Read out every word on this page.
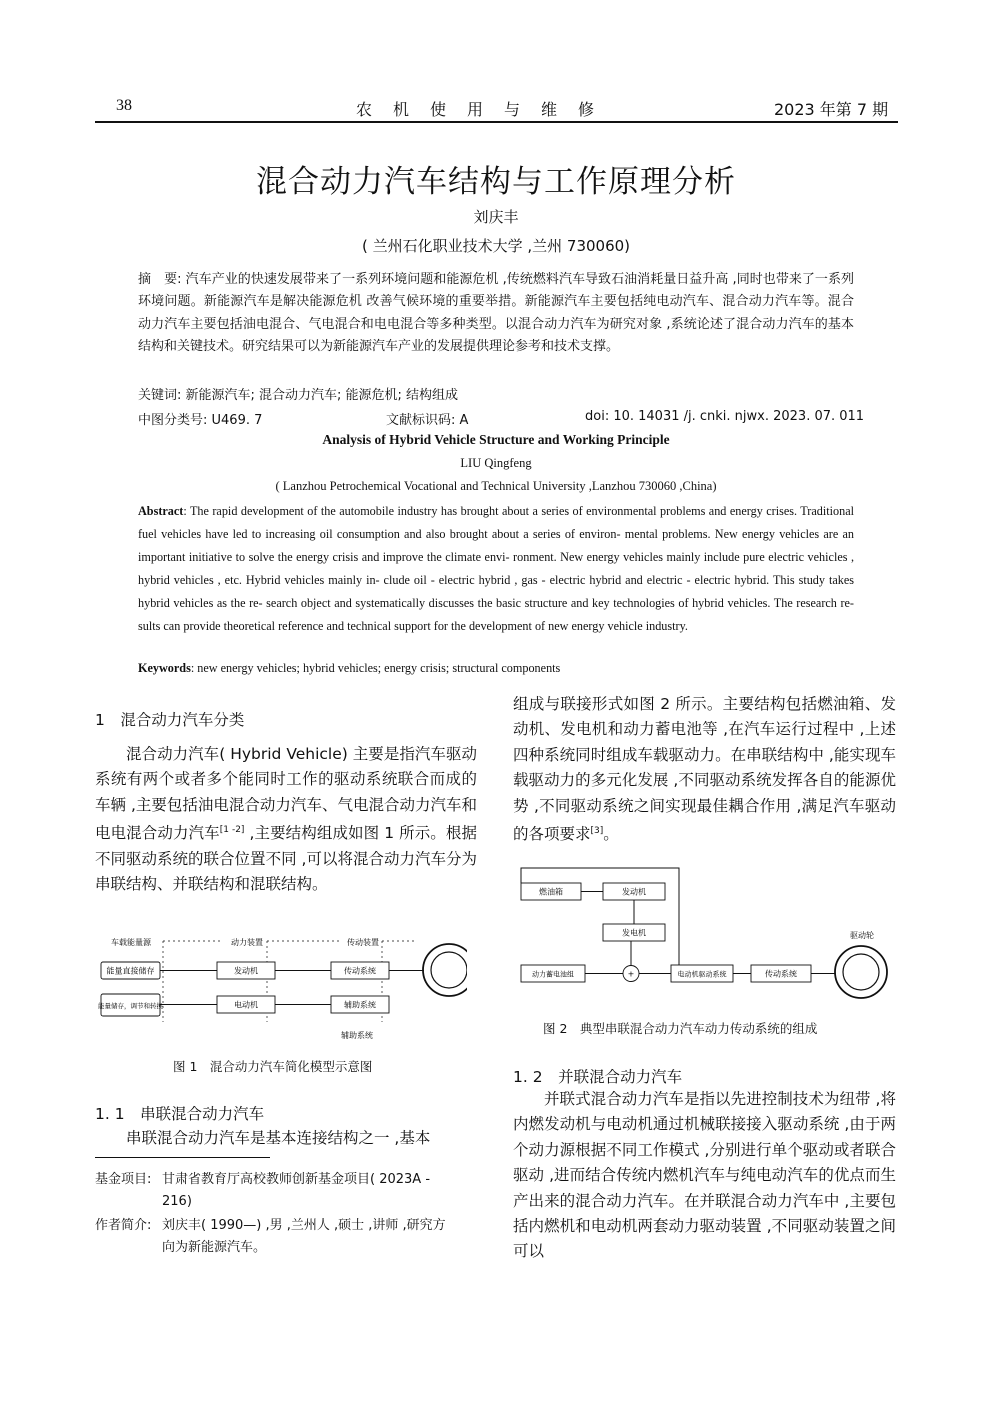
38	农机使用与维修	2023 年第 7 期
混合动力汽车结构与工作原理分析
刘庆丰
( 兰州石化职业技术大学 ,兰州 730060)
摘　要: 汽车产业的快速发展带来了一系列环境问题和能源危机 ,传统燃料汽车导致石油消耗量日益升高 ,同时也带来了一系列环境问题。新能源汽车是解决能源危机 改善气候环境的重要举措。新能源汽车主要包括纯电动汽车、混合动力汽车等。混合动力汽车主要包括油电混合、气电混合和电电混合等多种类型。以混合动力汽车为研究对象 ,系统论述了混合动力汽车的基本结构和关键技术。研究结果可以为新能源汽车产业的发展提供理论参考和技术支撑。
关键词: 新能源汽车; 混合动力汽车; 能源危机; 结构组成
中图分类号: U469. 7	文献标识码: A	doi: 10. 14031 /j. cnki. njwx. 2023. 07. 011
Analysis of Hybrid Vehicle Structure and Working Principle
LIU Qingfeng
( Lanzhou Petrochemical Vocational and Technical University ,Lanzhou 730060 ,China)
Abstract: The rapid development of the automobile industry has brought about a series of environmental problems and energy crises. Traditional fuel vehicles have led to increasing oil consumption and also brought about a series of environ- mental problems. New energy vehicles are an important initiative to solve the energy crisis and improve the climate envi- ronment. New energy vehicles mainly include pure electric vehicles , hybrid vehicles , etc. Hybrid vehicles mainly in- clude oil - electric hybrid , gas - electric hybrid and electric - electric hybrid. This study takes hybrid vehicles as the re- search object and systematically discusses the basic structure and key technologies of hybrid vehicles. The research re- sults can provide theoretical reference and technical support for the development of new energy vehicle industry.
Keywords: new energy vehicles; hybrid vehicles; energy crisis; structural components
1　混合动力汽车分类
混合动力汽车( Hybrid Vehicle) 主要是指汽车驱动系统有两个或者多个能同时工作的驱动系统联合而成的车辆 ,主要包括油电混合动力汽车、气电混合动力汽车和电电混合动力汽车[1 -2] ,主要结构组成如图 1 所示。根据不同驱动系统的联合位置不同 ,可以将混合动力汽车分为串联结构、并联结构和混联结构。
车载能量源	动力装置	传动装置
能量直接储存
能量储存，调节和转换
发动机
电动机
传动系统
辅助系统
辅助系统
图 1　混合动力汽车简化模型示意图
1. 1　串联混合动力汽车
串联混合动力汽车是基本连接结构之一 ,基本
基金项目: 甘肃省教育厅高校教师创新基金项目( 2023A -
216)
作者简介: 刘庆丰( 1990—) ,男 ,兰州人 ,硕士 ,讲师 ,研究方
向为新能源汽车。
组成与联接形式如图 2 所示。主要结构包括燃油箱、发动机、发电机和动力蓄电池等 ,在汽车运行过程中 ,上述四种系统同时组成车载驱动力。在串联结构中 ,能实现车载驱动力的多元化发展 ,不同驱动系统发挥各自的能源优势 ,不同驱动系统之间实现最佳耦合作用 ,满足汽车驱动的各项要求[3]。
燃油箱	发动机
发电机
动力蓄电池组	+	电动机驱动系统	传动系统
驱动轮
图 2　典型串联混合动力汽车动力传动系统的组成
1. 2　并联混合动力汽车
并联式混合动力汽车是指以先进控制技术为纽带 ,将内燃发动机与电动机通过机械联接接入驱动系统 ,由于两个动力源根据不同工作模式 ,分别进行单个驱动或者联合驱动 ,进而结合传统内燃机汽车与纯电动汽车的优点而生产出来的混合动力汽车。在并联混合动力汽车中 ,主要包括内燃机和电动机两套动力驱动装置 ,不同驱动装置之间可以
